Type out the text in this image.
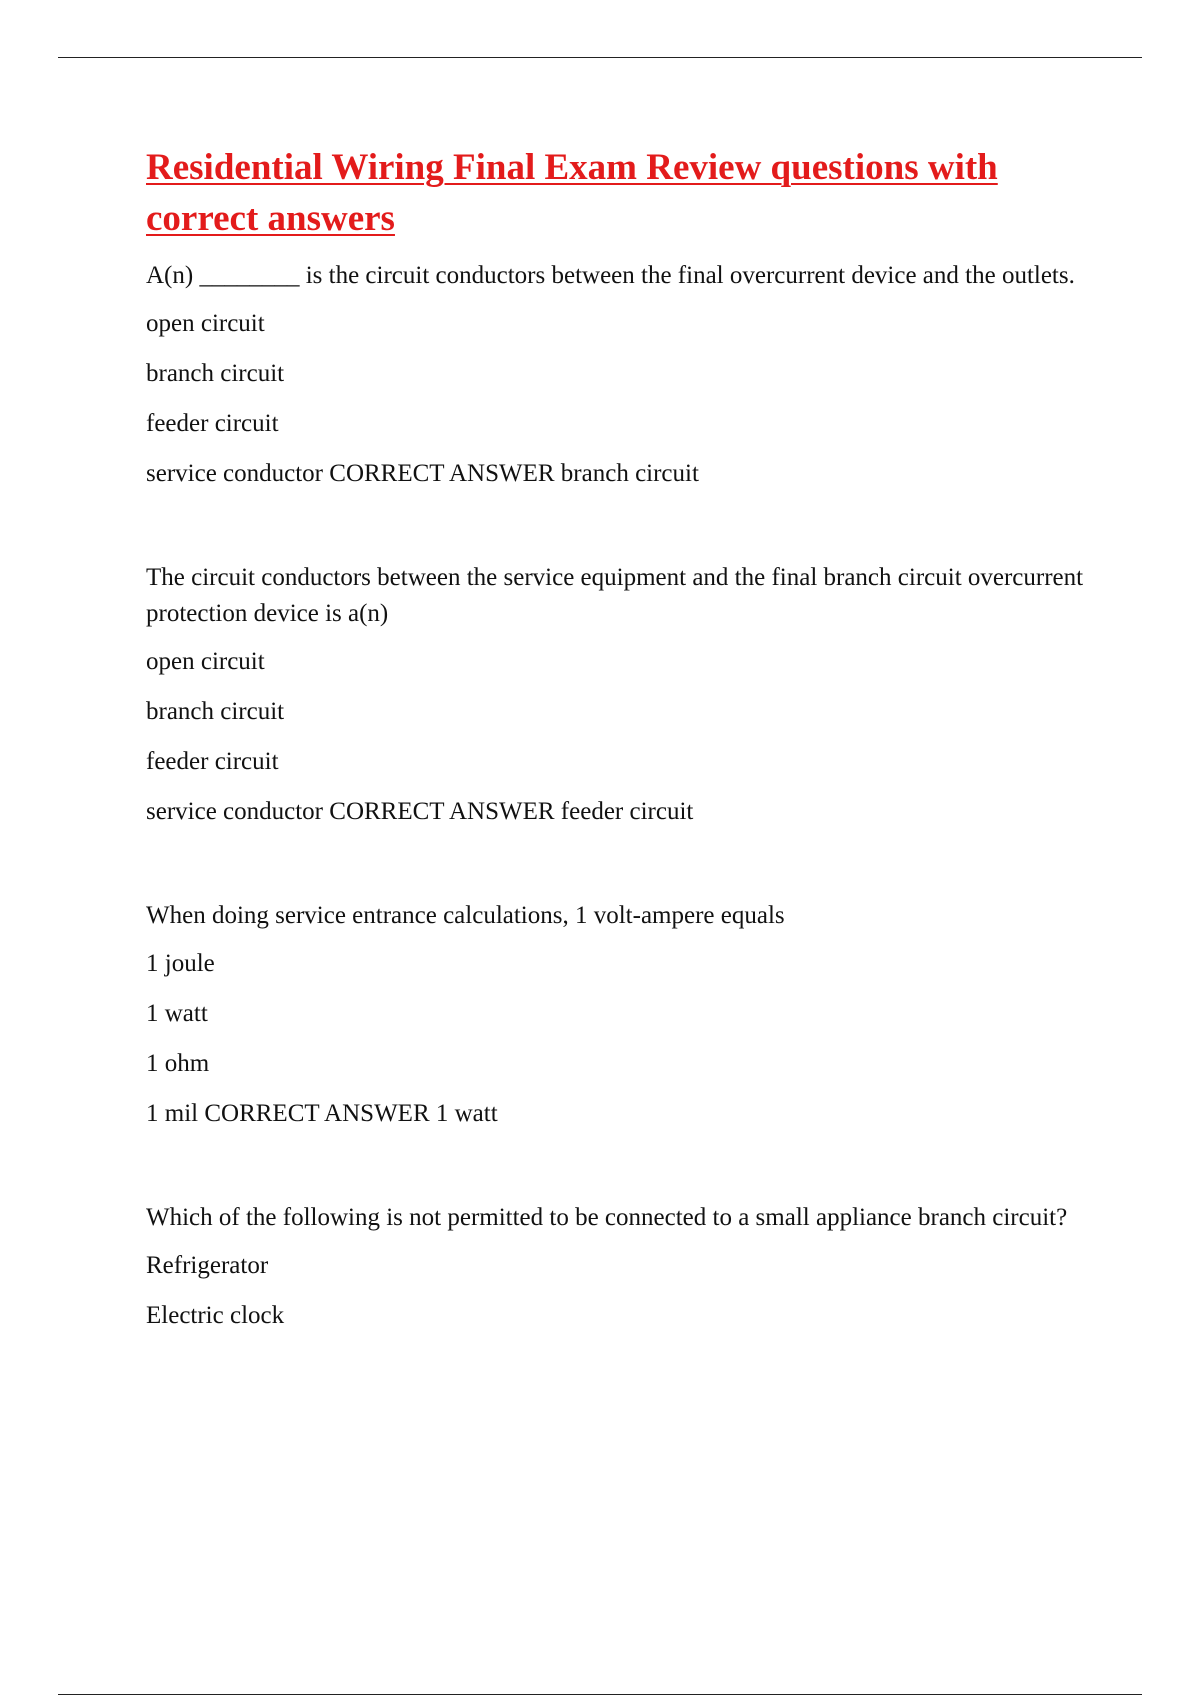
Residential Wiring Final Exam Review questions with correct answers

A(n) ________ is the circuit conductors between the final overcurrent device and the outlets.

open circuit

branch circuit

feeder circuit

service conductor CORRECT ANSWER branch circuit

The circuit conductors between the service equipment and the final branch circuit overcurrent protection device is a(n)

open circuit

branch circuit

feeder circuit

service conductor CORRECT ANSWER feeder circuit

When doing service entrance calculations, 1 volt-ampere equals

1 joule

1 watt

1 ohm

1 mil CORRECT ANSWER 1 watt

Which of the following is not permitted to be connected to a small appliance branch circuit?

Refrigerator

Electric clock
